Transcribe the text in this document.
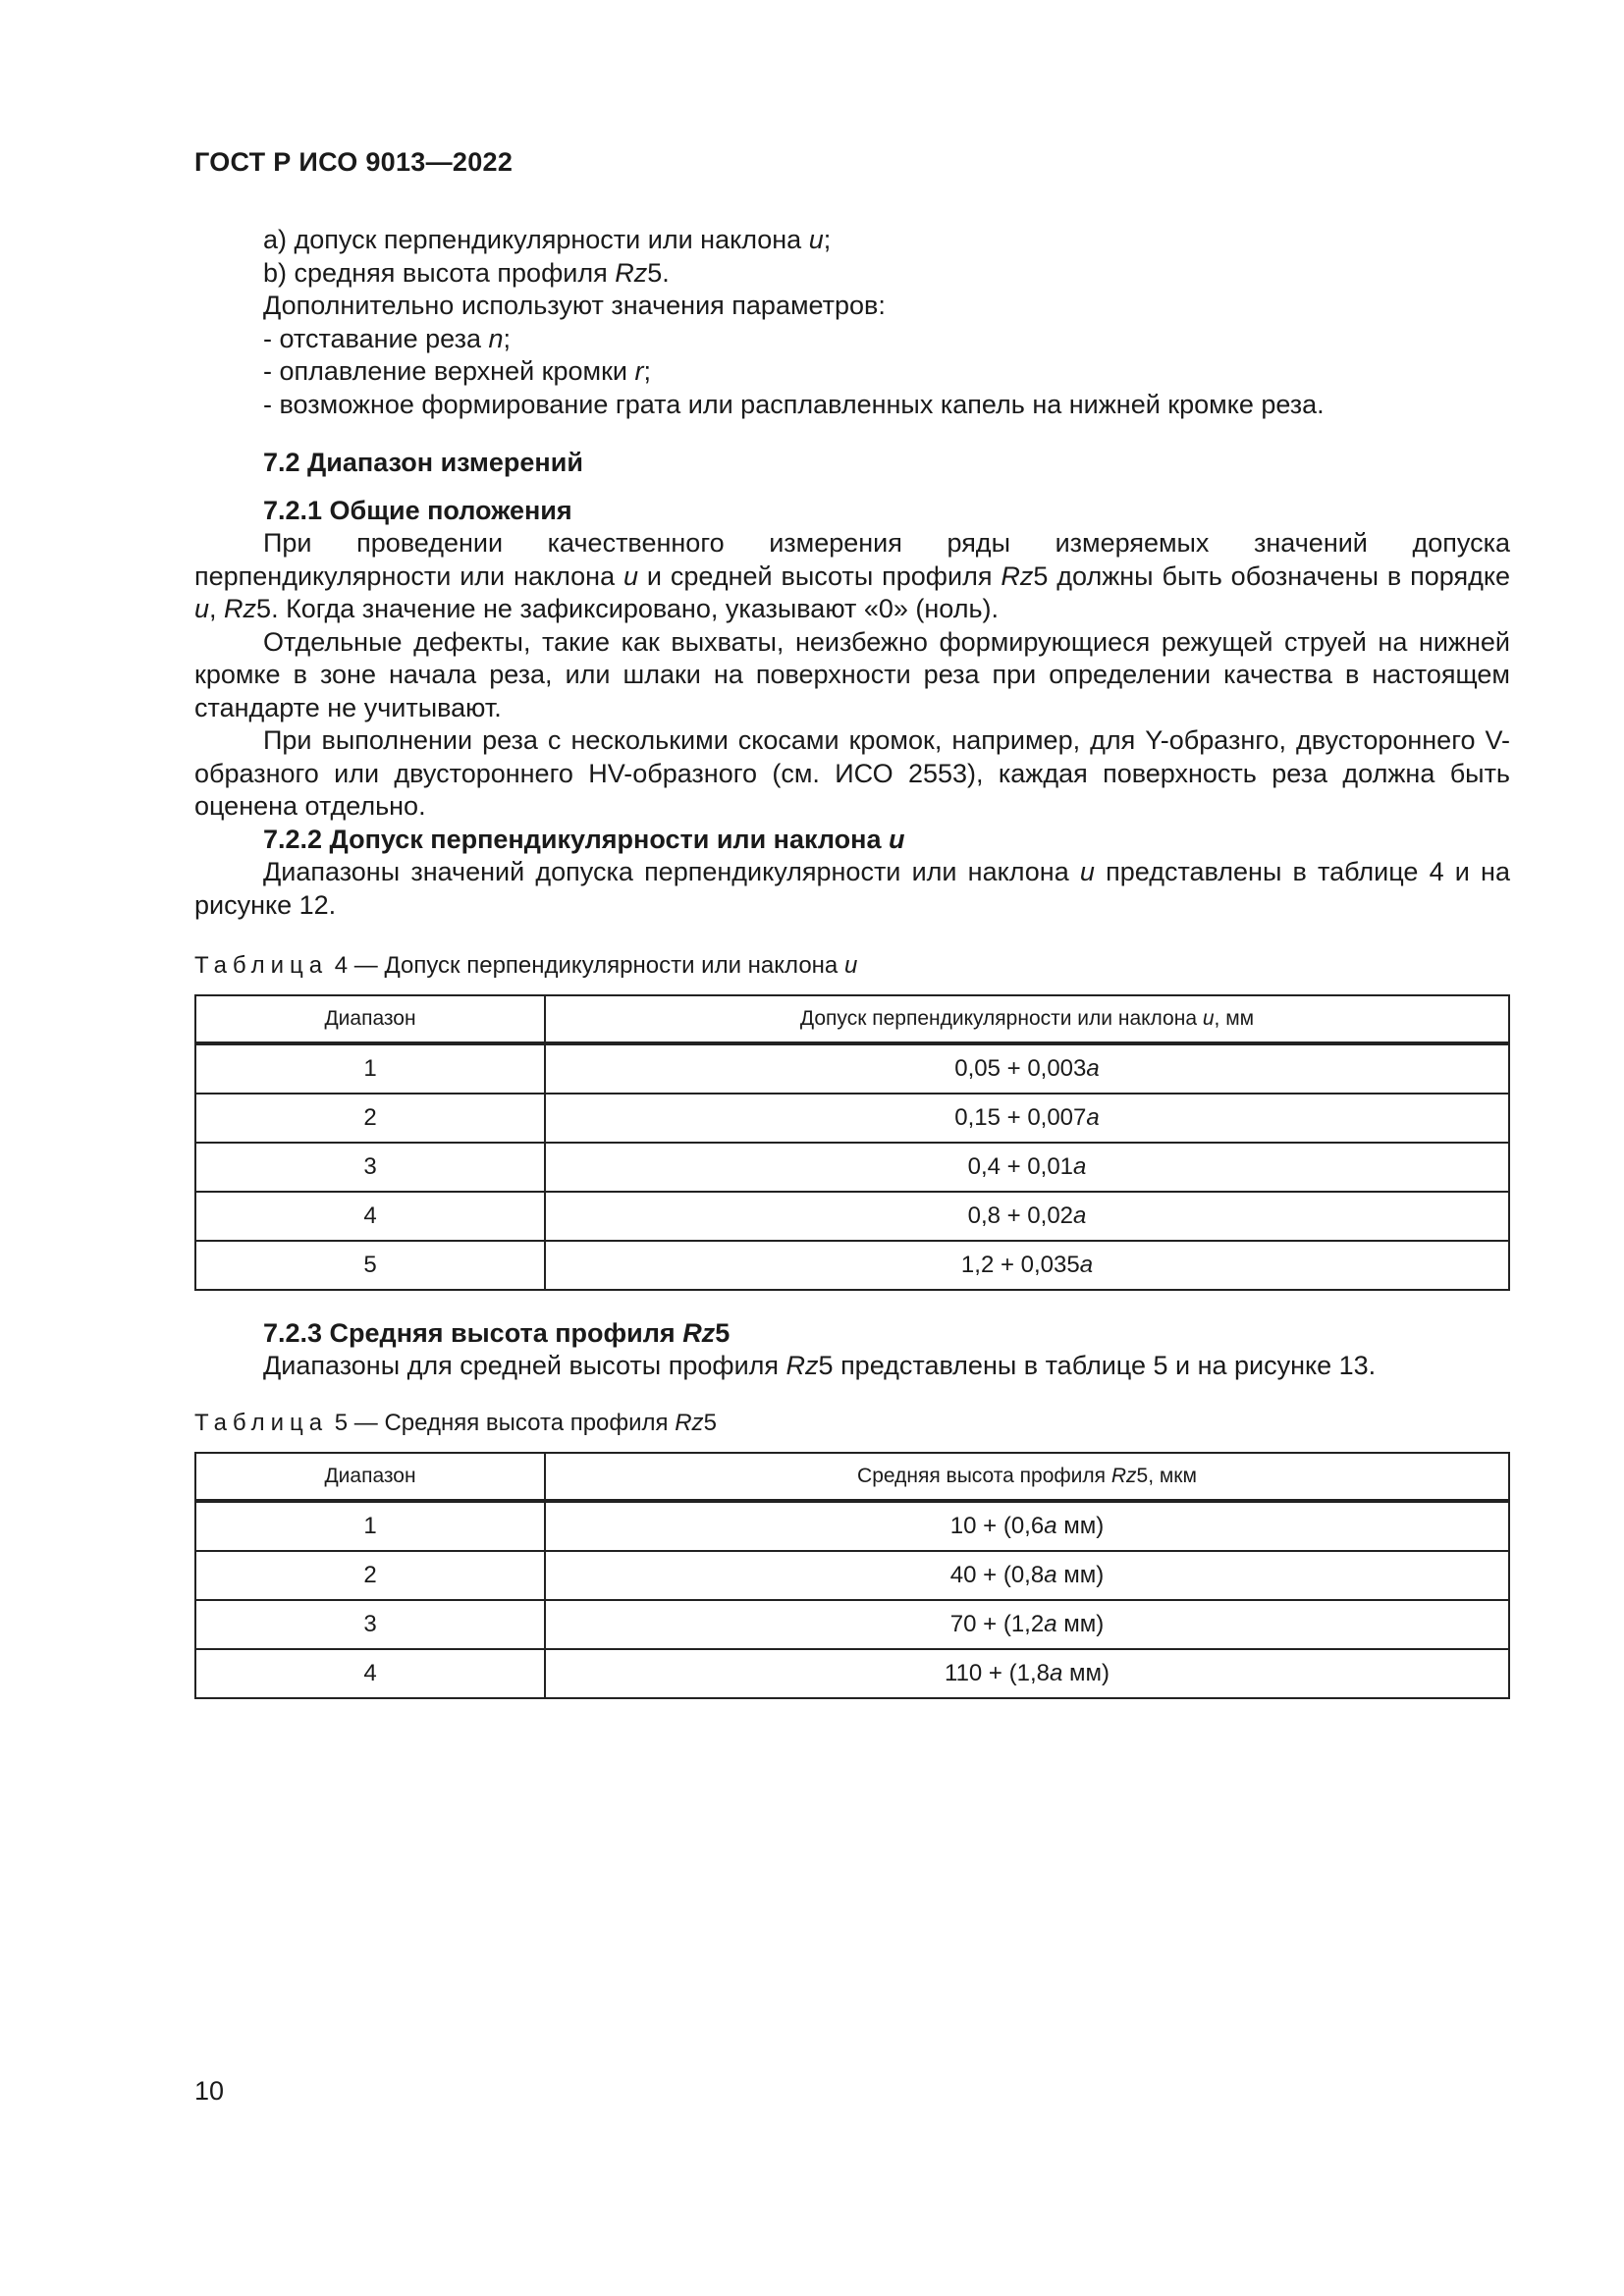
ГОСТ Р ИСО 9013—2022
a) допуск перпендикулярности или наклона u;
b) средняя высота профиля Rz5.
Дополнительно используют значения параметров:
- отставание реза n;
- оплавление верхней кромки r;
- возможное формирование грата или расплавленных капель на нижней кромке реза.
7.2 Диапазон измерений
7.2.1 Общие положения

При проведении качественного измерения ряды измеряемых значений допуска перпендикулярности или наклона u и средней высоты профиля Rz5 должны быть обозначены в порядке u, Rz5. Когда значение не зафиксировано, указывают «0» (ноль).

Отдельные дефекты, такие как выхваты, неизбежно формирующиеся режущей струей на нижней кромке в зоне начала реза, или шлаки на поверхности реза при определении качества в настоящем стандарте не учитывают.

При выполнении реза с несколькими скосами кромок, например, для Y-образнго, двустороннего V-образного или двустороннего HV-образного (см. ИСО 2553), каждая поверхность реза должна быть оценена отдельно.

7.2.2 Допуск перпендикулярности или наклона u

Диапазоны значений допуска перпендикулярности или наклона u представлены в таблице 4 и на рисунке 12.

Таблица 4 — Допуск перпендикулярности или наклона u
Диапазон	Допуск перпендикулярности или наклона u, мм
1	0,05 + 0,003a
2	0,15 + 0,007a
3	0,4 + 0,01a
4	0,8 + 0,02a
5	1,2 + 0,035a
7.2.3 Средняя высота профиля Rz5

Диапазоны для средней высоты профиля Rz5 представлены в таблице 5 и на рисунке 13.

Таблица 5 — Средняя высота профиля Rz5
Диапазон	Средняя высота профиля Rz5, мкм
1	10 + (0,6a мм)
2	40 + (0,8a мм)
3	70 + (1,2a мм)
4	110 + (1,8a мм)
10
